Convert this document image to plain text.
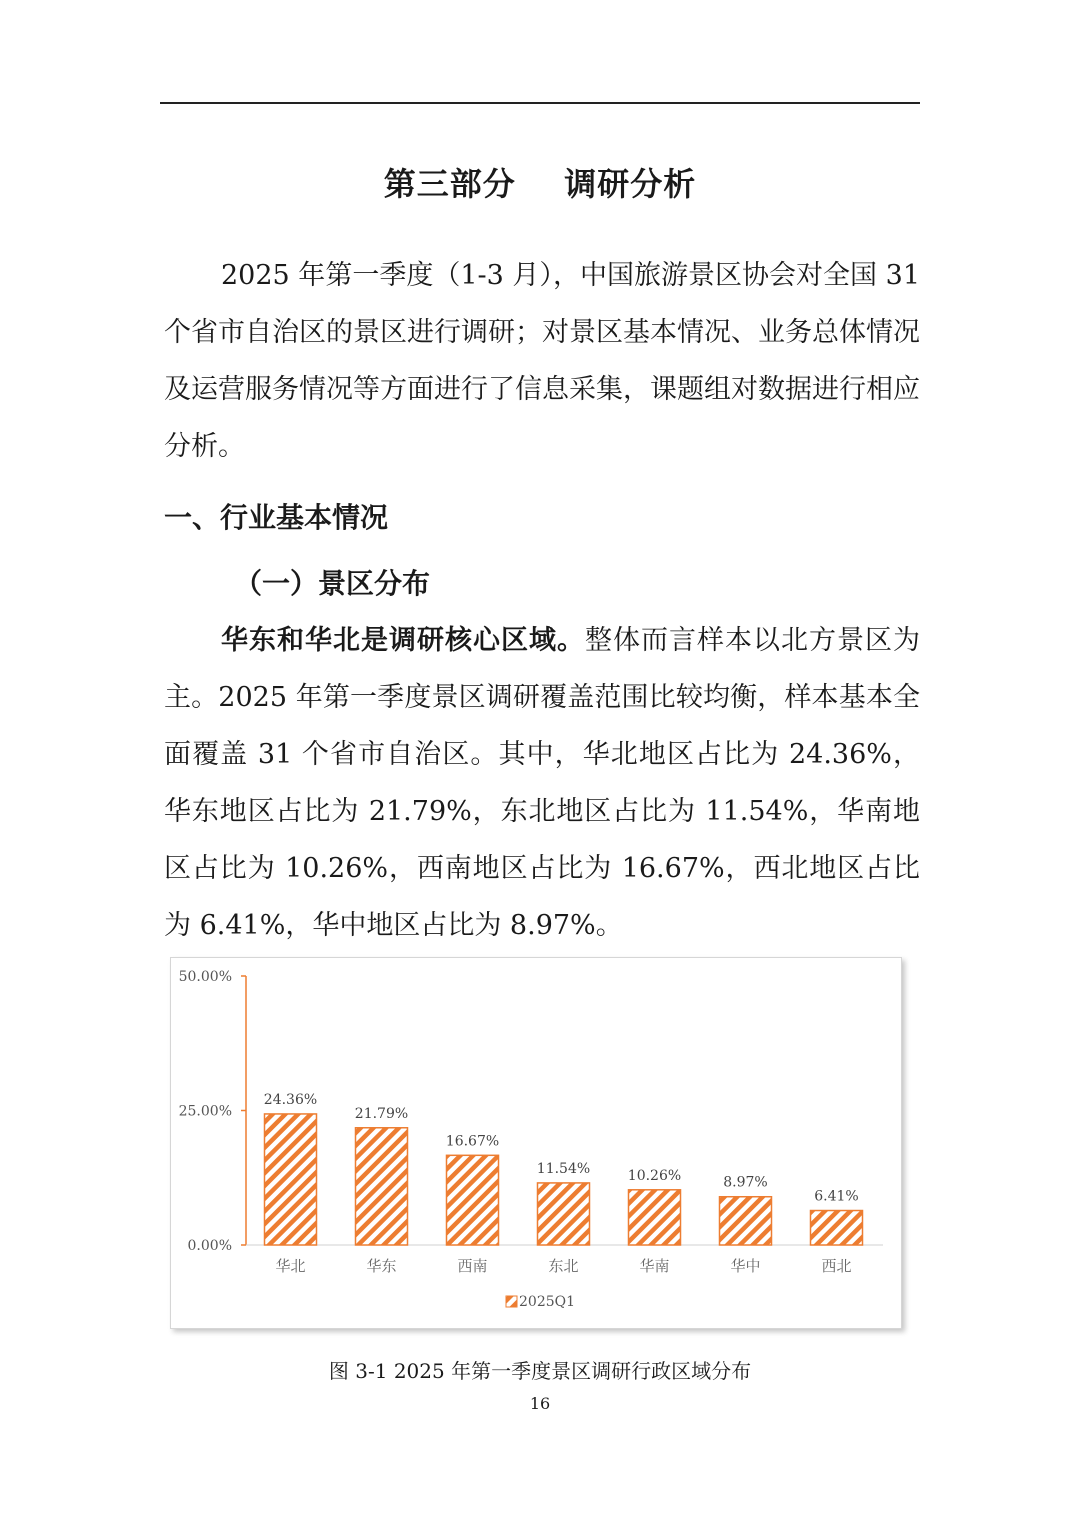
第三部分    调研分析

2025 年第一季度（1-3 月），中国旅游景区协会对全国 31 个省市自治区的景区进行调研；对景区基本情况、业务总体情况及运营服务情况等方面进行了信息采集，课题组对数据进行相应分析。

一、行业基本情况
（一）景区分布

华东和华北是调研核心区域。整体而言样本以北方景区为主。2025 年第一季度景区调研覆盖范围比较均衡，样本基本全面覆盖 31 个省市自治区。其中，华北地区占比为 24.36%，华东地区占比为 21.79%，东北地区占比为 11.54%，华南地区占比为 10.26%，西南地区占比为 16.67%，西北地区占比为 6.41%，华中地区占比为 8.97%。

0.00%
25.00%
50.00%
24.36%
华北
21.79%
华东
16.67%
西南
11.54%
东北
10.26%
华南
8.97%
华中
6.41%
西北
2025Q1

图 3-1 2025 年第一季度景区调研行政区域分布

16
